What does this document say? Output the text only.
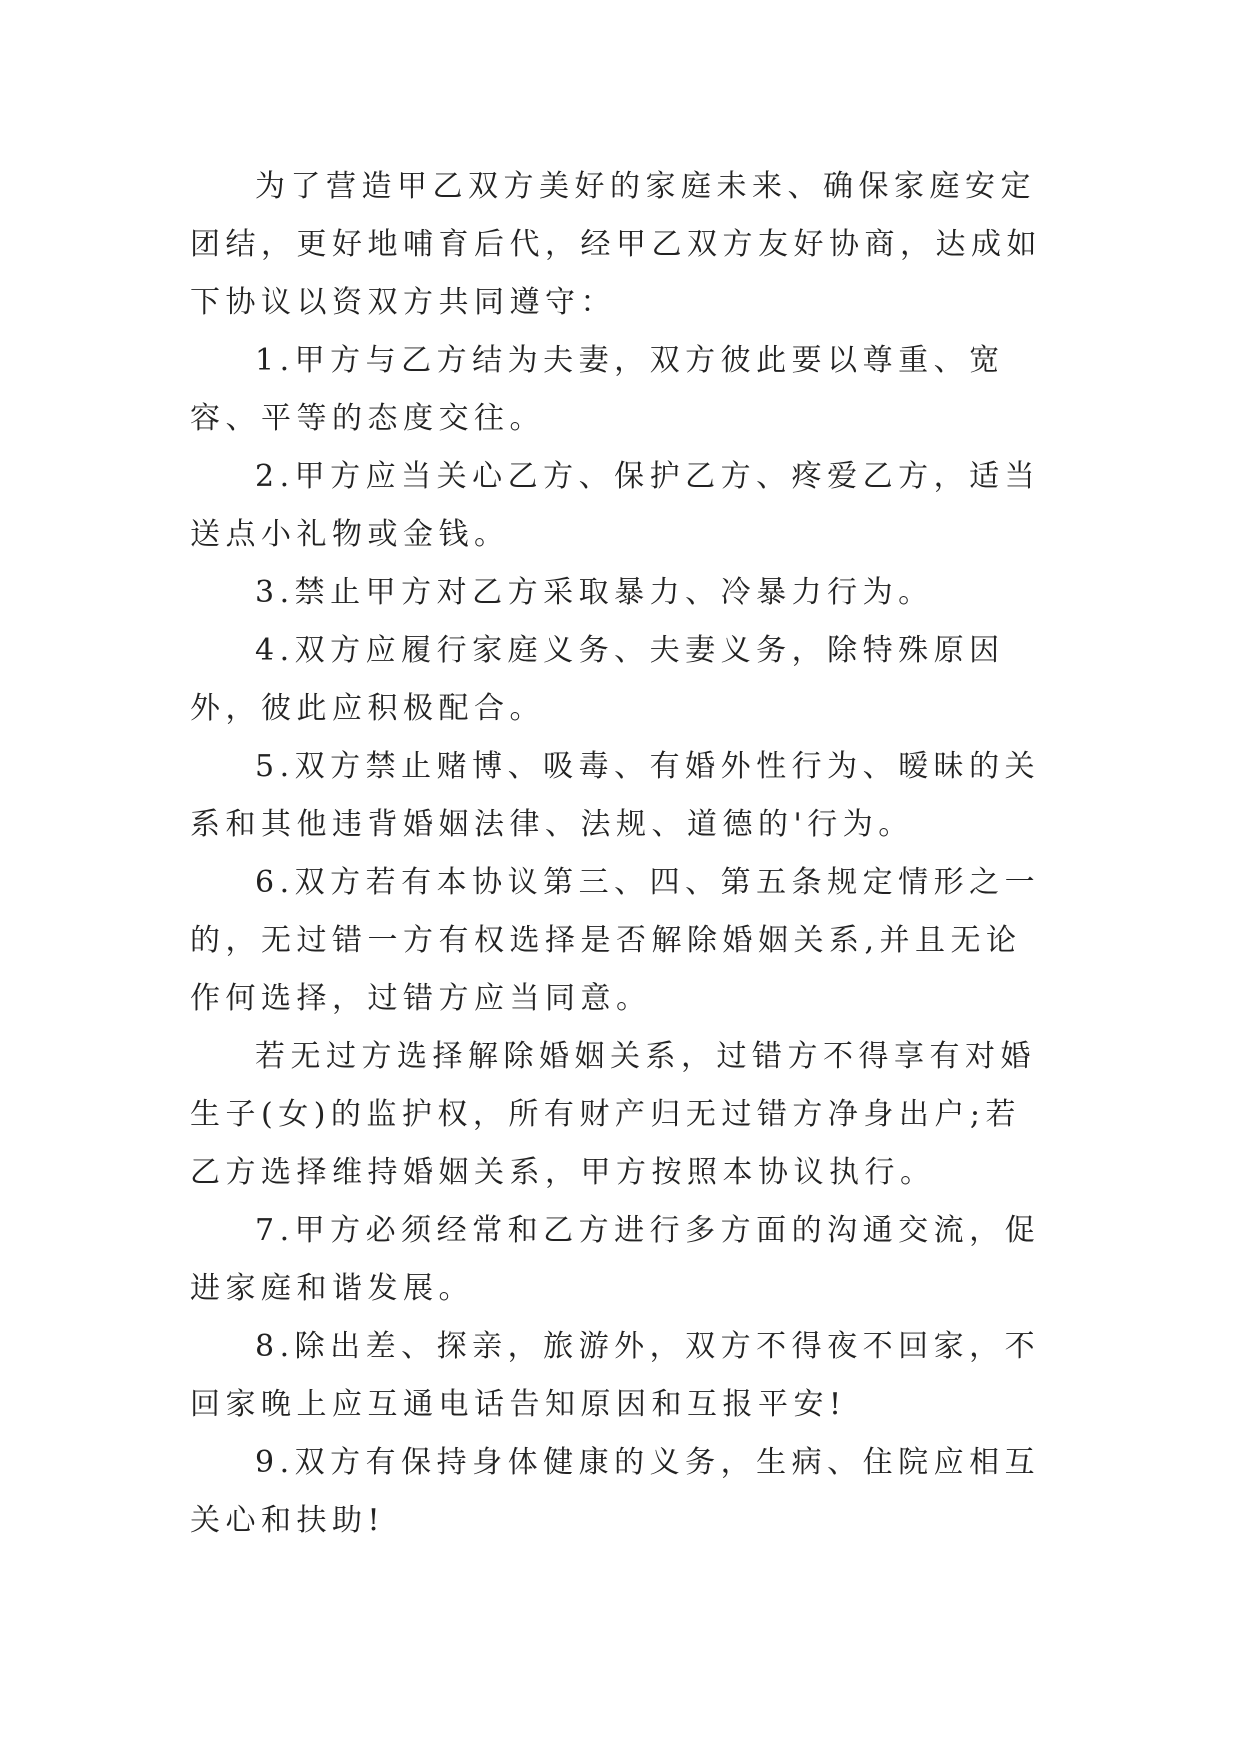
为了营造甲乙双方美好的家庭未来、确保家庭安定团结，更好地哺育后代，经甲乙双方友好协商，达成如下协议以资双方共同遵守：

1.甲方与乙方结为夫妻，双方彼此要以尊重、宽容、平等的态度交往。

2.甲方应当关心乙方、保护乙方、疼爱乙方，适当送点小礼物或金钱。

3.禁止甲方对乙方采取暴力、冷暴力行为。

4.双方应履行家庭义务、夫妻义务，除特殊原因外，彼此应积极配合。

5.双方禁止赌博、吸毒、有婚外性行为、暧昧的关系和其他违背婚姻法律、法规、道德的'行为。

6.双方若有本协议第三、四、第五条规定情形之一的，无过错一方有权选择是否解除婚姻关系,并且无论作何选择，过错方应当同意。

若无过方选择解除婚姻关系，过错方不得享有对婚生子(女)的监护权，所有财产归无过错方净身出户;若乙方选择维持婚姻关系，甲方按照本协议执行。

7.甲方必须经常和乙方进行多方面的沟通交流，促进家庭和谐发展。

8.除出差、探亲，旅游外，双方不得夜不回家，不回家晚上应互通电话告知原因和互报平安!

9.双方有保持身体健康的义务，生病、住院应相互关心和扶助!
